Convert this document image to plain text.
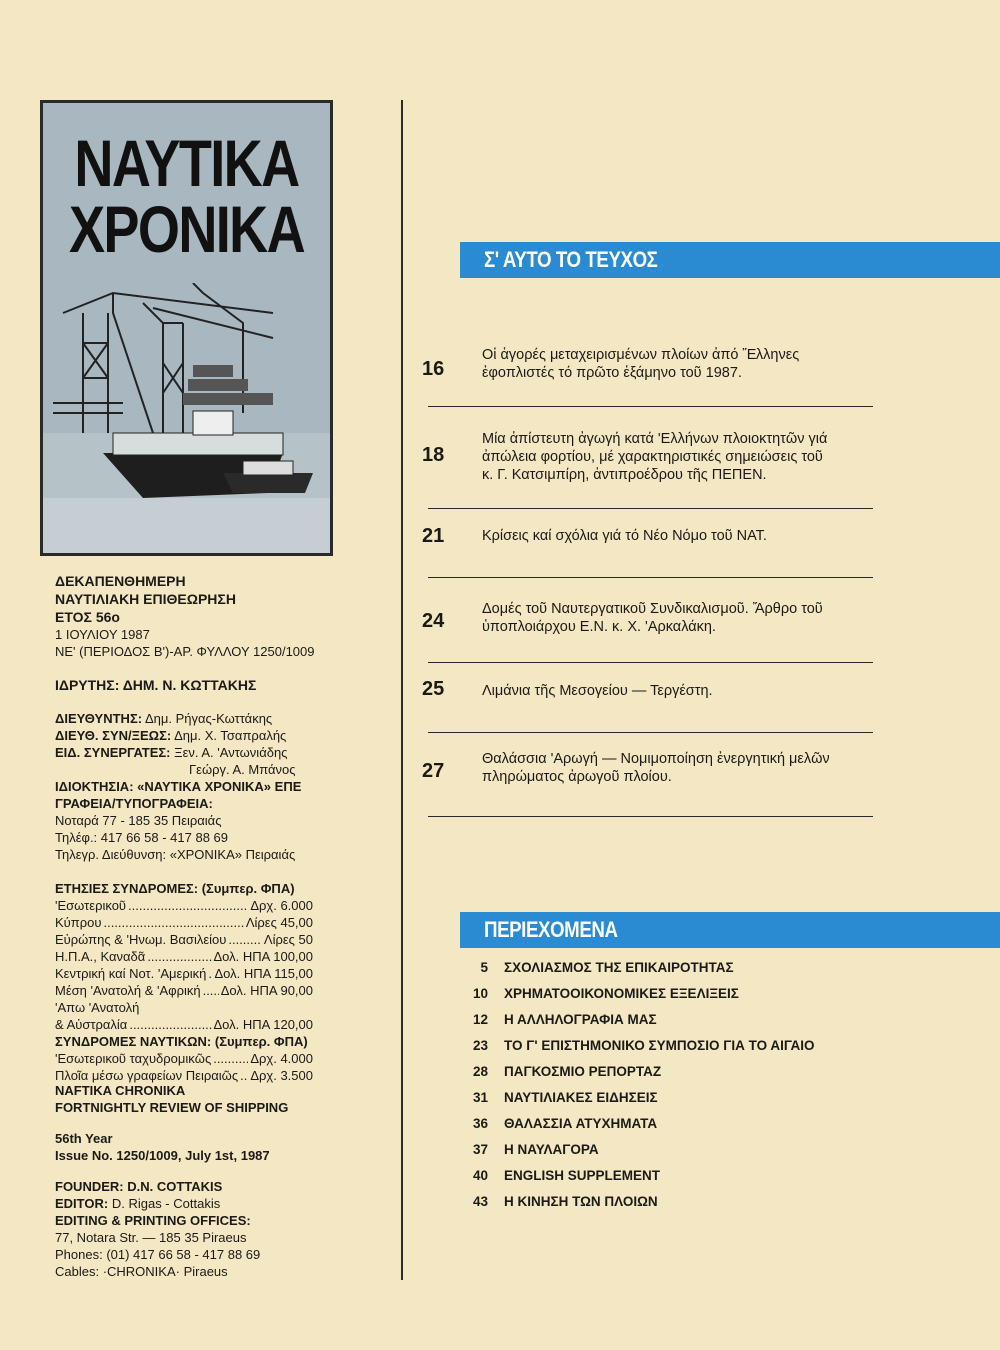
ΝΑΥΤΙΚΑ
ΧΡΟΝΙΚΑ
ΔΕΚΑΠΕΝΘΗΜΕΡΗ
ΝΑΥΤΙΛΙΑΚΗ ΕΠΙΘΕΩΡΗΣΗ
ΕΤΟΣ 56ο
1 ΙΟΥΛΙΟΥ 1987
ΝΕ' (ΠΕΡΙΟΔΟΣ Β')-ΑΡ. ΦΥΛΛΟΥ 1250/1009
ΙΔΡΥΤΗΣ: ΔΗΜ. Ν. ΚΩΤΤΑΚΗΣ
ΔΙΕΥΘΥΝΤΗΣ: Δημ. Ρήγας-Κωττάκης
ΔΙΕΥΘ. ΣΥΝ/ΞΕΩΣ: Δημ. Χ. Τσαπραλής
ΕΙΔ. ΣΥΝΕΡΓΑΤΕΣ: Ξεν. Α. 'Αντωνιάδης
Γεώργ. Α. Μπάνος
ΙΔΙΟΚΤΗΣΙΑ: «ΝΑΥΤΙΚΑ ΧΡΟΝΙΚΑ» ΕΠΕ
ΓΡΑΦΕΙΑ/ΤΥΠΟΓΡΑΦΕΙΑ:
Νοταρά 77 - 185 35 Πειραιάς
Τηλέφ.: 417 66 58 - 417 88 69
Τηλεγρ. Διεύθυνση: «ΧΡΟΝΙΚΑ» Πειραιάς
ΕΤΗΣΙΕΣ ΣΥΝΔΡΟΜΕΣ: (Συμπερ. ΦΠΑ)
'Εσωτερικοῦ .....	Δρχ. 6.000
Κύπρου .....	Λίρες 45,00
Εὐρώπης & 'Ηνωμ. Βασιλείου .....	Λίρες 50
Η.Π.Α., Καναδᾶ .....	Δολ. ΗΠΑ 100,00
Κεντρική καί Νοτ. 'Αμερική ..... Δολ. ΗΠΑ 115,00
Μέση 'Ανατολή & 'Αφρική ..... Δολ. ΗΠΑ 90,00
'Απω 'Ανατολή
& Αὐστραλία .....	Δολ. ΗΠΑ 120,00
ΣΥΝΔΡΟΜΕΣ ΝΑΥΤΙΚΩΝ: (Συμπερ. ΦΠΑ)
'Εσωτερικοῦ ταχυδρομικῶς .....	Δρχ. 4.000
Πλοῖα μέσω γραφείων Πειραιῶς ..... Δρχ. 3.500
NAFTIKA CHRONIKA
FORTNIGHTLY REVIEW OF SHIPPING
56th Year
Issue No. 1250/1009, July 1st, 1987
FOUNDER: D.N. COTTAKIS
EDITOR: D. Rigas - Cottakis
EDITING & PRINTING OFFICES:
77, Notara Str. — 185 35 Piraeus
Phones: (01) 417 66 58 - 417 88 69
Cables: ·CHRONIKA· Piraeus
Σ' ΑΥΤΟ ΤΟ ΤΕΥΧΟΣ
16
Οἱ ἀγορές μεταχειρισμένων πλοίων ἀπό Ἕλληνες
ἐφοπλιστές τό πρῶτο ἑξάμηνο τοῦ 1987.
18
Μία ἀπίστευτη ἀγωγή κατά 'Ελλήνων πλοιοκτητῶν γιά
ἀπώλεια φορτίου, μέ χαρακτηριστικές σημειώσεις τοῦ
κ. Γ. Κατσιμπίρη, ἀντιπροέδρου τῆς ΠΕΠΕΝ.
21	Κρίσεις καί σχόλια γιά τό Νέο Νόμο τοῦ ΝΑΤ.
24
Δομές τοῦ Ναυτεργατικοῦ Συνδικαλισμοῦ. Ἄρθρο τοῦ
ὑποπλοιάρχου Ε.Ν. κ. Χ. 'Αρκαλάκη.
25	Λιμάνια τῆς Μεσογείου — Τεργέστη.
27
Θαλάσσια 'Αρωγή — Νομιμοποίηση ἐνεργητική μελῶν
πληρώματος ἀρωγοῦ πλοίου.
ΠΕΡΙΕΧΟΜΕΝΑ
5 ΣΧΟΛΙΑΣΜΟΣ ΤΗΣ ΕΠΙΚΑΙΡΟΤΗΤΑΣ
10 ΧΡΗΜΑΤΟΟΙΚΟΝΟΜΙΚΕΣ ΕΞΕΛΙΞΕΙΣ
12 Η ΑΛΛΗΛΟΓΡΑΦΙΑ ΜΑΣ
23 ΤΟ Γ' ΕΠΙΣΤΗΜΟΝΙΚΟ ΣΥΜΠΟΣΙΟ ΓΙΑ ΤΟ ΑΙΓΑΙΟ
28 ΠΑΓΚΟΣΜΙΟ ΡΕΠΟΡΤΑΖ
31 ΝΑΥΤΙΛΙΑΚΕΣ ΕΙΔΗΣΕΙΣ
36 ΘΑΛΑΣΣΙΑ ΑΤΥΧΗΜΑΤΑ
37 Η ΝΑΥΛΑΓΟΡΑ
40 ENGLISH SUPPLEMENT
43 Η ΚΙΝΗΣΗ ΤΩΝ ΠΛΟΙΩΝ
